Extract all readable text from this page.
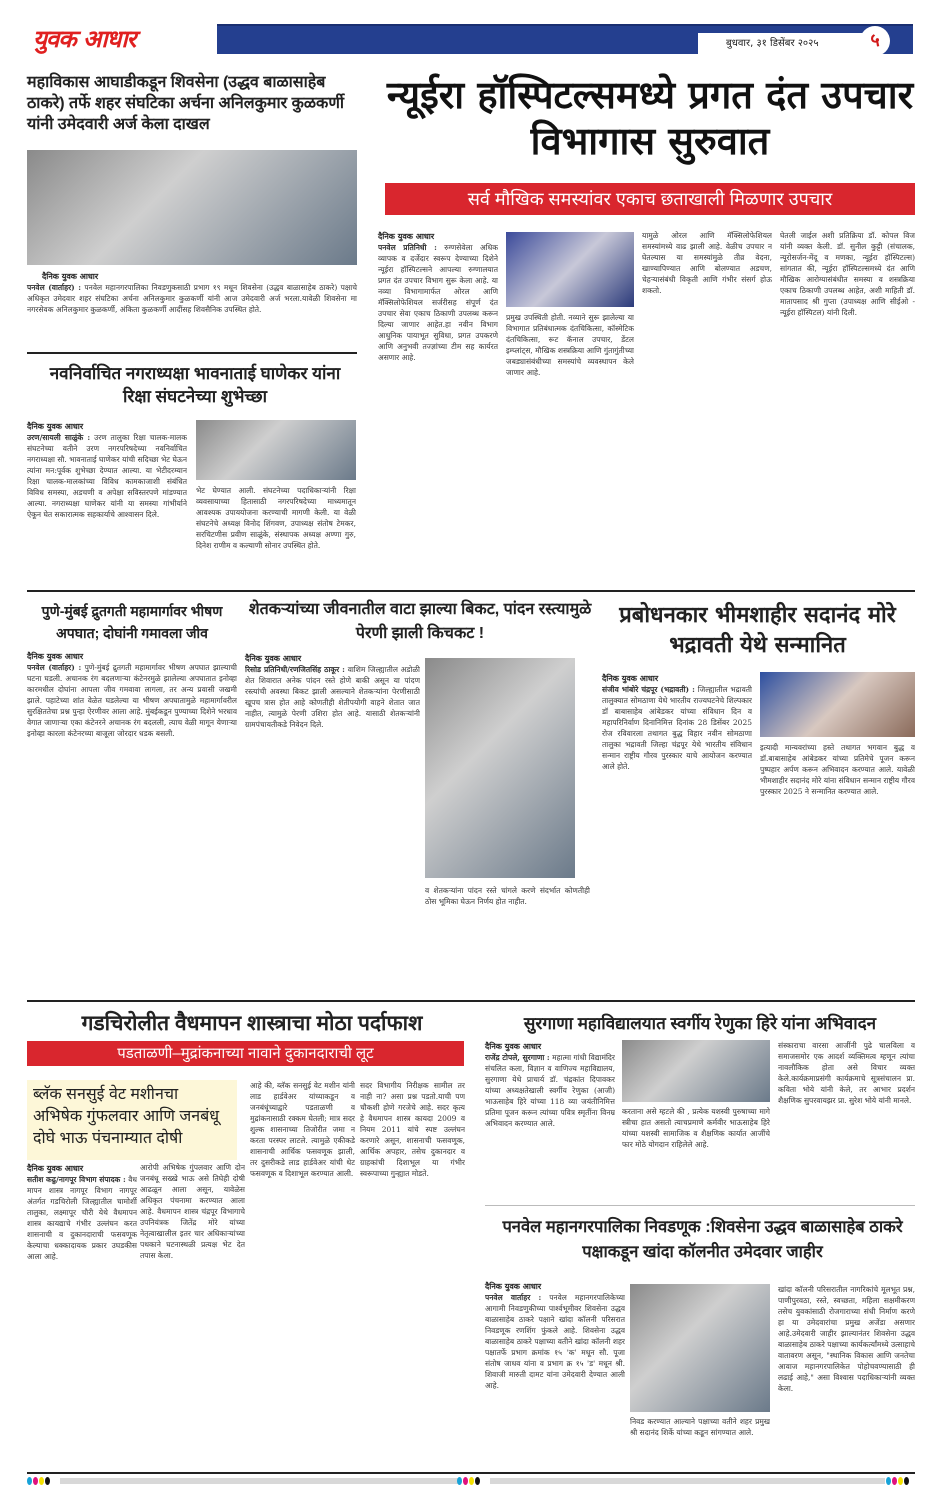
युवक आधार	बुधवार, ३१ डिसेंबर २०२५	५
महाविकास आघाडीकडून शिवसेना (उद्धव बाळासाहेब ठाकरे) तर्फे शहर संघटिका अर्चना अनिलकुमार कुळकर्णी यांनी उमेदवारी अर्ज केला दाखल
दैनिक युवक आधार
पनवेल (वार्ताहर) : पनवेल महानगरपालिका निवडणुकसाठी प्रभाग १९ मधून शिवसेना (उद्धव बाळासाहेब ठाकरे) पक्षाचे अधिकृत उमेदवार शहर संघटिका अर्चना अनिलकुमार कुळकर्णी यांनी आज उमेदवारी अर्ज भरला.यावेळी शिवसेना मा नगरसेवक अनिलकुमार कुळकर्णी, अंकिता कुळकर्णी आदींसह शिवसैनिक उपस्थित होते.
नवनिर्वाचित नगराध्यक्षा भावनाताई घाणेकर यांना रिक्षा संघटनेच्या शुभेच्छा
दैनिक युवक आधार
उरण/सायली साळुंके : उरण तालुका रिक्षा चालक-मालक संघटनेच्या वतीने उरण नगरपरिषदेच्या नवनिर्वाचित नगराध्यक्षा सौ. भावनाताई घाणेकर यांची सदिच्छा भेट घेऊन त्यांना मन:पूर्वक शुभेच्छा देण्यात आल्या. या भेटीदरम्यान रिक्षा चालक-मालकांच्या विविध कामकाजाशी संबंधित विविध समस्या, अडचणी व अपेक्षा सविस्तरपणे मांडण्यात आल्या. नगराध्यक्षा घाणेकर यांनी या समस्या गांभीर्याने ऐकून घेत सकारात्मक सहकार्याचे आश्वासन दिले.
भेट घेण्यात आली. संघटनेच्या पदाधिकाऱ्यांनी रिक्षा व्यवसायाच्या हितासाठी नगरपरिषदेच्या माध्यमातून आवश्यक उपाययोजना करण्याची मागणी केली. या वेळी संघटनेचे अध्यक्ष विनोद शिंगवण, उपाध्यक्ष संतोष टेमकर, सरचिटणीस प्रवीण साळुंके, संस्थापक अध्यक्ष अण्णा गुरु, दिनेश राणीम व कल्याणी सोनार उपस्थित होते.
न्यूईरा हॉस्पिटल्समध्ये प्रगत दंत उपचार विभागास सुरुवात
सर्व मौखिक समस्यांवर एकाच छताखाली मिळणार उपचार
दैनिक युवक आधार
पनवेल प्रतिनिधी : रुग्णसेवेला अधिक व्यापक व दर्जेदार स्वरूप देण्याच्या दिशेने न्यूईरा हॉस्पिटल्सने आपल्या रुग्णालयात प्रगत दंत उपचार विभाग सुरू केला आहे. या नव्या विभागामार्फत ओरल आणि मॅक्सिलोफेशियल सर्जरीसह संपूर्ण दंत उपचार सेवा एकाच ठिकाणी उपलब्ध करून दिल्या जाणार आहेत.हा नवीन विभाग आधुनिक पायाभूत सुविधा, प्रगत उपकरणे आणि अनुभवी तज्ज्ञांच्या टीम सह कार्यरत असणार आहे.
प्रमुख उपस्थिती होती. नव्याने सुरू झालेल्या या विभागात प्रतिबंधात्मक दंतचिकित्सा, कॉस्मेटिक दंतचिकित्सा, रूट कॅनाल उपचार, डेंटल इम्प्लांट्स, मौखिक शस्त्रक्रिया आणि गुंतागुंतीच्या जबड्यासंबंधीच्या समस्यांचे व्यवस्थापन केले जाणार आहे.
यामुळे ओरल आणि मॅक्सिलोफेशियल समस्यांमध्ये वाढ झाली आहे. वेळीच उपचार न घेतल्यास या समस्यांमुळे तीव्र वेदना, खाण्यापिण्यात आणि बोलण्यात अडचण, चेहऱ्यासंबंधी विकृती आणि गंभीर संसर्ग होऊ शकतो.
घेतली जाईल अशी प्रतिक्रिया डॉ. कोपल विज यांनी व्यक्त केली. डॉ. सुनील कुट्टी (संचालक, न्यूरोसर्जन-मेंदू व मणका, न्यूईरा हॉस्पिटल्स) सांगतात की, न्यूईरा हॉस्पिटल्समध्ये दंत आणि मौखिक आरोग्यासंबंधीत समस्या व शस्त्रक्रिया एकाच ठिकाणी उपलब्ध आहेत, अशी माहिती डॉ. मातापसाद श्री गुप्ता (उपाध्यक्ष आणि सीईओ - न्यूईरा हॉस्पिटल) यांनी दिली.
पुणे-मुंबई द्रुतगती महामार्गावर भीषण अपघात; दोघांनी गमावला जीव
दैनिक युवक आधार
पनवेल (वार्ताहर) : पुणे-मुंबई द्रुतगती महामार्गावर भीषण अपघात झाल्याची घटना घडली. अचानक रंग बदलणाऱ्या कंटेनरमुळे झालेल्या अपघातात इनोव्हा कारमधील दोघांना आपला जीव गमवावा लागला, तर अन्य प्रवासी जखमी झाले. पहाटेच्या शांत वेळेत घडलेल्या या भीषण अपघातामुळे महामार्गावरील सुरक्षिततेचा प्रश्न पुन्हा ऐरणीवर आला आहे. मुंबईकडून पुण्याच्या दिशेने भरधाव वेगात जाणाऱ्या एका कंटेनरने अचानक रंग बदलली, त्याच वेळी मागून येणाऱ्या इनोव्हा कारला कंटेनरच्या बाजूला जोरदार धडक बसली.
शेतकऱ्यांच्या जीवनातील वाटा झाल्या बिकट, पांदन रस्त्यामुळे पेरणी झाली किचकट !
दैनिक युवक आधार
रिसोड प्रतिनिधी/रणजितसिंह ठाकूर : वाशिम जिल्ह्यातील अडोळी शेत शिवारात अनेक पांदन रस्ते होणे बाकी असून या पांदण रस्त्यांची अवस्था बिकट झाली असल्याने शेतकऱ्यांना पेरणीसाठी खूपच त्रास होत आहे कोणतीही शेतीपयोगी वाहने शेतात जात नाहीत, त्यामुळे पेरणी उशिरा होत आहे. यासाठी शेतकऱ्यांनी ग्रामपंचायतीकडे निवेदन दिले.
व शेतकऱ्यांना पांदन रस्ते चांगले करणे संदर्भात कोणतीही ठोस भूमिका घेऊन निर्णय होत नाहीत.
प्रबोधनकार भीमशाहीर सदानंद मोरे भद्रावती येथे सन्मानित
दैनिक युवक आधार
संजीव भांबोरे चंद्रपूर (भद्रावती) : जिल्ह्यातील भद्रावती तालुक्यात सोमठाणा येथे भारतीय राज्यघटनेचे शिल्पकार डॉ बाबासाहेब आंबेडकर यांच्या संविधान दिन व महापरिनिर्वाण दिनानिमित्त दिनांक 28 डिसेंबर 2025 रोज रविवारला तथागत बुद्ध विहार नवीन सोमठाणा तालुका भद्रावती जिल्हा चंद्रपूर येथे भारतीय संविधान सन्मान राष्ट्रीय गौरव पुरस्कार याचे आयोजन करण्यात आले होते.
इत्यादी मान्यवरांच्या हस्ते तथागत भगवान बुद्ध व डॉ.बाबासाहेब आंबेडकर यांच्या प्रतिमेचे पूजन करून पुष्पहार अर्पण करून अभिवादन करण्यात आले. यावेळी भीमशाहीर सदानंद मोरे यांना संविधान सन्मान राष्ट्रीय गौरव पुरस्कार 2025 ने सन्मानित करण्यात आले.
गडचिरोलीत वैधमापन शास्त्राचा मोठा पर्दाफाश
पडताळणी–मुद्रांकनाच्या नावाने दुकानदाराची लूट
ब्लॅक सनसुई वेट मशीनचा अभिषेक गुंफलवार आणि जनबंधू दोघे भाऊ पंचनाम्यात दोषी
दैनिक युवक आधार
सतीश कढु/नागपूर विभाग संपादक : वैध मापन शास्त्र नागपूर विभाग नागपूर अंतर्गत गडचिरोली जिल्ह्यातील चामोर्शी तालुका, लक्ष्मापूर चौरी येथे वैधमापन शास्त्र कायद्याचे गंभीर उल्लंघन करत शासनाची व दुकानदाराची फसवणूक केल्याचा धक्कादायक प्रकार उघडकीस आला आहे.
आरोपी अभिषेक गुंपलवार आणि दोन जनबंधू सख्खे भाऊ असे तिघेही दोषी आढळून आला असून, यावेळेस अधिकृत पंचनामा करण्यात आला आहे. वैधमापन शास्त्र चंद्रपूर विभागाचे उपनियंत्रक जितेंद्र मोरे यांच्या नेतृत्वाखालील इतर चार अधिकाऱ्यांच्या पथकाने घटनास्थळी प्रत्यक्ष भेट देत तपास केला.
आहे की, ब्लॅक सनसुई वेट मशीन यांनी लाड हार्डवेअर यांच्याकडून व जनबंधूंच्याद्वारे पडताळणी व मुद्रांकनासाठी रक्कम घेतली; मात्र सदर शुल्क शासनाच्या तिजोरीत जमा न करता परस्पर लाटले. त्यामुळे एकीकडे शासनाची आर्थिक फसवणूक झाली, तर दुसरीकडे लाड हार्डवेअर यांची थेट फसवणूक व दिशाभूल करण्यात आली.
सदर विभागीय निरीक्षक सामील तर नाही ना? असा प्रश्न पडतो.याची पण चौकशी होणे गरजेचे आहे. सदर कृत्य हे वैधमापन शास्त्र कायदा 2009 व नियम 2011 यांचे स्पष्ट उल्लंघन करणारे असून, शासनाची फसवणूक, आर्थिक अपहार, तसेच दुकानदार व ग्राहकांची दिशाभूल या गंभीर स्वरूपाच्या गुन्ह्यात मोडते.
सुरगाणा महाविद्यालयात स्वर्गीय रेणुका हिरे यांना अभिवादन
दैनिक युवक आधार
राजेंद्र टोपले, सुरगाणा : महात्मा गांधी विद्यामंदिर संचलित कला, विज्ञान व वाणिज्य महाविद्यालय, सुरगाणा येथे प्राचार्य डॉ. चंद्रकांत दिपावकर यांच्या अध्यक्षतेखाली स्वर्गीय रेणुका (आजी) भाऊसाहेब हिरे यांच्या 118 व्या जयंतीनिमित्त प्रतिमा पूजन करून त्यांच्या पवित्र स्मृतींना विनम्र अभिवादन करण्यात आले.
करताना असे म्हटले की , प्रत्येक यशस्वी पुरुषाच्या मागे स्त्रीचा हात असतो त्याचप्रमाणे कर्मवीर भाऊसाहेब हिरे यांच्या यशस्वी सामाजिक व शैक्षणिक कार्यात आजींचे फार मोठे योगदान राहिलेले आहे.
संस्काराचा वारसा आजींनी पुढे चालविला व समाजसमोर एक आदर्श व्यक्तिमत्व म्हणून त्यांचा नावलौकिक होता असे विचार व्यक्त केले.कार्यक्रमाप्रसंगी कार्यक्रमाचे सूत्रसंचालन प्रा. कविता भोये यांनी केले, तर आभार प्रदर्शन शैक्षणिक सुपरवायझर प्रा. सुरेश भोये यांनी मानले.
पनवेल महानगरपालिका निवडणूक :शिवसेना उद्धव बाळासाहेब ठाकरे पक्षाकडून खांदा कॉलनीत उमेदवार जाहीर
दैनिक युवक आधार
पनवेल वार्ताहर : पनवेल महानगरपालिकेच्या आगामी निवडणुकीच्या पार्श्वभूमीवर शिवसेना उद्धव बाळासाहेब ठाकरे पक्षाने खांदा कॉलनी परिसरात निवडणूक रणशिंग फुंकले आहे. शिवसेना उद्धव बाळासाहेब ठाकरे पक्षाच्या वतीने खांदा कॉलनी शहर पक्षातर्फे प्रभाग क्रमांक १५ 'क' मधून सौ. पूजा संतोष जाधव यांना व प्रभाग क्र १५ 'ड' मधून श्री. शिवाजी मारुती दामट यांना उमेदवारी देण्यात आली आहे.
निवड करण्यात आल्याने पक्षाच्या वतीने शहर प्रमुख श्री सदानंद शिर्के यांच्या कडून सांगण्यात आले.
खांदा कॉलनी परिसरातील नागरिकांचे मूलभूत प्रश्न, पाणीपुरवठा, रस्ते, स्वच्छता, महिला सक्षमीकरण तसेच युवकांसाठी रोजगाराच्या संधी निर्माण करणे हा या उमेदवारांचा प्रमुख अजेंडा असणार आहे.उमेदवारी जाहीर झाल्यानंतर शिवसेना उद्धव बाळासाहेब ठाकरे पक्षाच्या कार्यकर्त्यांमध्ये उत्साहाचे वातावरण असून, "स्थानिक विकास आणि जनतेचा आवाज महानगरपालिकेत पोहोचवण्यासाठी ही लढाई आहे," असा विश्वास पदाधिकाऱ्यांनी व्यक्त केला.
